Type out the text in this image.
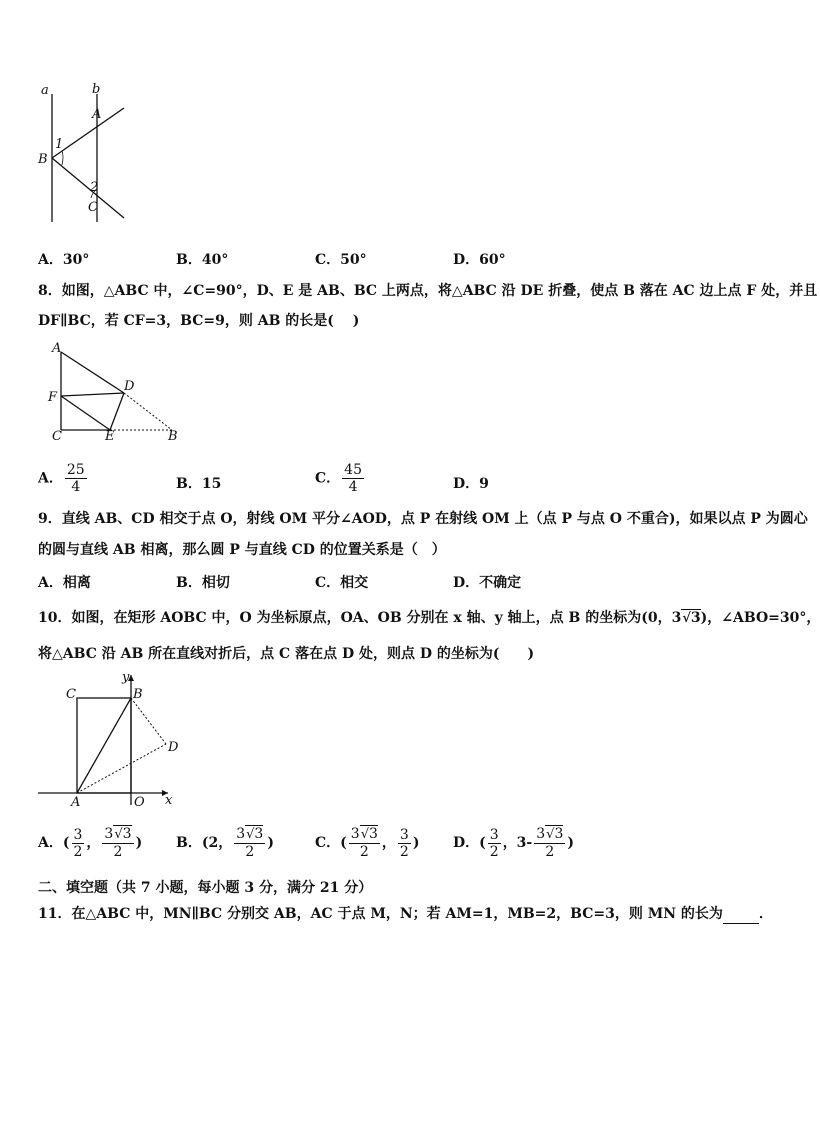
a	b
A
B
1
2
C
A．30°	B．40°	C．50°	D．60°
8．如图，△ABC 中，∠C=90°，D、E 是 AB、BC 上两点，将△ABC 沿 DE 折叠，使点 B 落在 AC 边上点 F 处，并且
DF∥BC，若 CF=3，BC=9，则 AB 的长是(　 )
A
D
F
C	E	B
A． $\frac{25}{4}$	B．15	C． $\frac{45}{4}$	D．9
9．直线 AB、CD 相交于点 O，射线 OM 平分∠AOD，点 P 在射线 OM 上（点 P 与点 O 不重合)，如果以点 P 为圆心
的圆与直线 AB 相离，那么圆 P 与直线 CD 的位置关系是（　）
A．相离	B．相切	C．相交	D．不确定
10．如图，在矩形 AOBC 中，O 为坐标原点，OA、OB 分别在 x 轴、y 轴上，点 B 的坐标为(0，3√3)，∠ABO=30°，
将△ABC 沿 AB 所在直线对折后，点 C 落在点 D 处，则点 D 的坐标为(　　)
C
y
B
D
A	O x
A．( $\frac{3}{2}$ ， $\frac{3√3}{2}$ ) B．(2， $\frac{3√3}{2}$ )	C．( $\frac{3√3}{2}$ ， $\frac{3}{2}$ ) D．( $\frac{3}{2}$ ，$3- \frac{3√3}{2}$ )
二、填空题（共 7 小题，每小题 3 分，满分 21 分）
11．在△ABC 中，MN∥BC 分别交 AB，AC 于点 M，N；若 AM=1，MB=2，BC=3，则 MN 的长为	．
